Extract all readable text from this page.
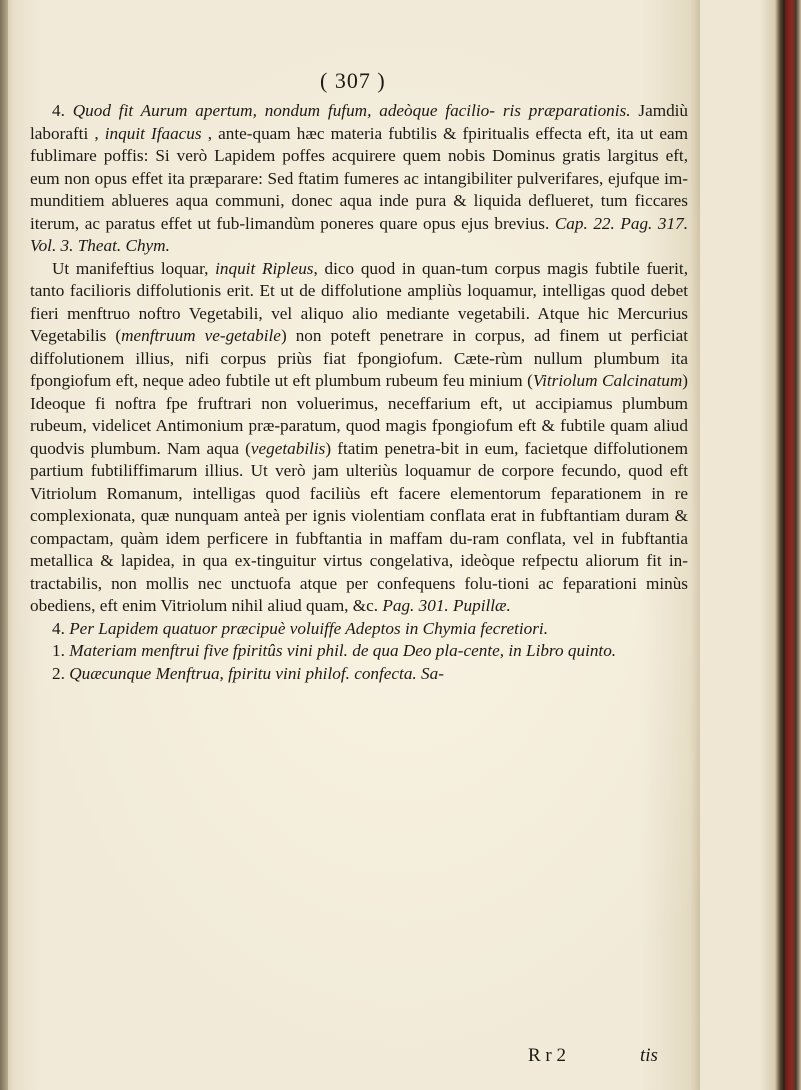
( 307 )

4. Quod fit Aurum apertum, nondum fufum, adeòque facilio- ris præparationis. Jamdiù laborafti , inquit Ifaacus , ante-quam hæc materia fubtilis & fpiritualis effecta eft, ita ut eam fublimare poffis: Si verò Lapidem poffes acquirere quem nobis Dominus gratis largitus eft, eum non opus effet ita præparare: Sed ftatim fumeres ac intangibiliter pulverifares, ejufque im-munditiem ablueres aqua communi, donec aqua inde pura & liquida deflueret, tum ficcares iterum, ac paratus effet ut fub-limandùm poneres quare opus ejus brevius. Cap. 22. Pag. 317. Vol. 3. Theat. Chym.

Ut manifeftius loquar, inquit Ripleus, dico quod in quan-tum corpus magis fubtile fuerit, tanto facilioris diffolutionis erit. Et ut de diffolutione ampliùs loquamur, intelligas quod debet fieri menftruo noftro Vegetabili, vel aliquo alio mediante vegetabili. Atque hic Mercurius Vegetabilis (menftruum ve-getabile) non poteft penetrare in corpus, ad finem ut perficiat diffolutionem illius, nifi corpus priùs fiat fpongiofum. Cæte-rùm nullum plumbum ita fpongiofum eft, neque adeo fubtile ut eft plumbum rubeum feu minium (Vitriolum Calcinatum) Ideoque fi noftra fpe fruftrari non voluerimus, neceffarium eft, ut accipiamus plumbum rubeum, videlicet Antimonium præ-paratum, quod magis fpongiofum eft & fubtile quam aliud quodvis plumbum. Nam aqua (vegetabilis) ftatim penetra-bit in eum, facietque diffolutionem partium fubtiliffimarum illius. Ut verò jam ulteriùs loquamur de corpore fecundo, quod eft Vitriolum Romanum, intelligas quod faciliùs eft facere elementorum feparationem in re complexionata, quæ nunquam anteà per ignis violentiam conflata erat in fubftantiam duram & compactam, quàm idem perficere in fubftantia in maffam du-ram conflata, vel in fubftantia metallica & lapidea, in qua ex-tinguitur virtus congelativa, ideòque refpectu aliorum fit in-tractabilis, non mollis nec unctuofa atque per confequens folu-tioni ac feparationi minùs obediens, eft enim Vitriolum nihil aliud quam, &c. Pag. 301. Pupillæ.

4. Per Lapidem quatuor præcipuè voluiffe Adeptos in Chymia fecretiori.

1. Materiam menftrui five fpiritûs vini phil. de qua Deo pla-cente, in Libro quinto.

2. Quæcunque Menftrua, fpiritu vini philof. confecta. Sa-

R r 2	tis
